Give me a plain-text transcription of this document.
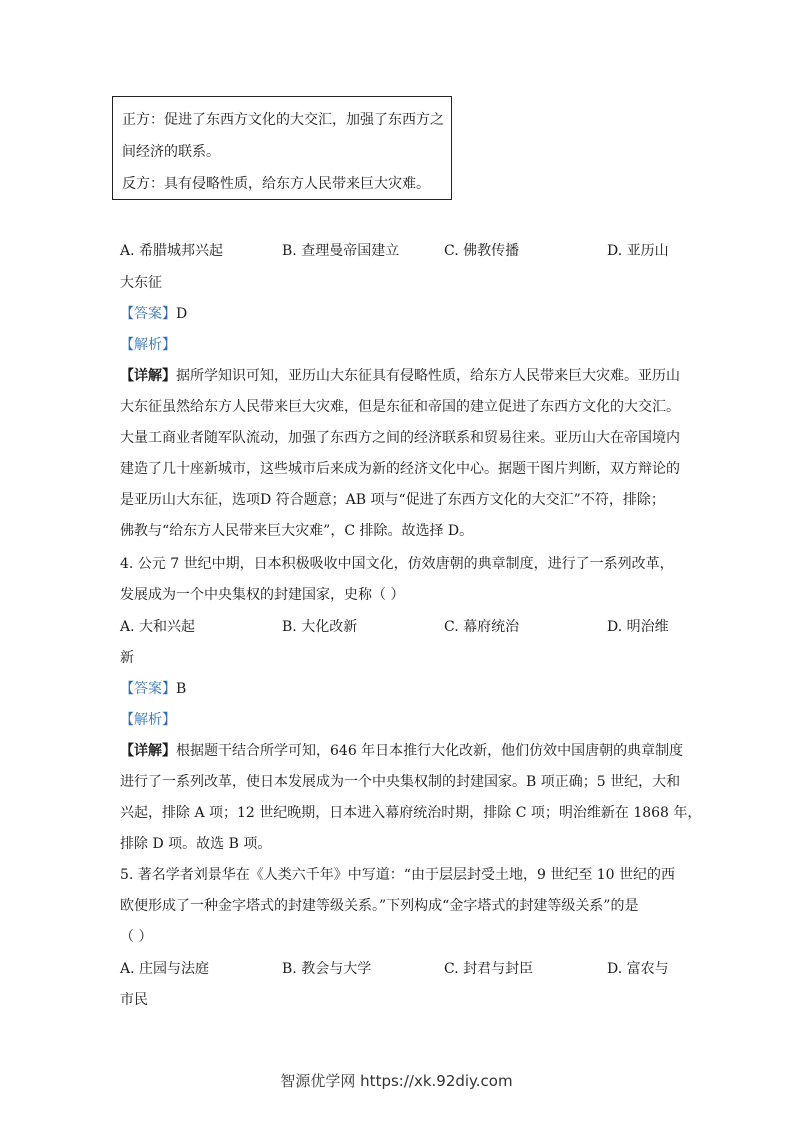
正方：促进了东西方文化的大交汇，加强了东西方之
间经济的联系。
反方：具有侵略性质，给东方人民带来巨大灾难。
A. 希腊城邦兴起	B. 查理曼帝国建立	C. 佛教传播	D. 亚历山
大东征
【答案】D
【解析】
【详解】据所学知识可知，亚历山大东征具有侵略性质，给东方人民带来巨大灾难。亚历山
大东征虽然给东方人民带来巨大灾难，但是东征和帝国的建立促进了东西方文化的大交汇。
大量工商业者随军队流动，加强了东西方之间的经济联系和贸易往来。亚历山大在帝国境内
建造了几十座新城市，这些城市后来成为新的经济文化中心。据题干图片判断，双方辩论的
是亚历山大东征，选项D 符合题意；AB 项与“促进了东西方文化的大交汇”不符，排除；
佛教与“给东方人民带来巨大灾难”，C 排除。故选择 D。
4. 公元 7 世纪中期，日本积极吸收中国文化，仿效唐朝的典章制度，进行了一系列改革，
发展成为一个中央集权的封建国家，史称（ ）
A. 大和兴起	B. 大化改新	C. 幕府统治	D. 明治维
新
【答案】B
【解析】
【详解】根据题干结合所学可知，646 年日本推行大化改新，他们仿效中国唐朝的典章制度
进行了一系列改革，使日本发展成为一个中央集权制的封建国家。B 项正确；5 世纪，大和
兴起，排除 A 项；12 世纪晚期，日本进入幕府统治时期，排除 C 项；明治维新在 1868 年，
排除 D 项。故选 B 项。
5. 著名学者刘景华在《人类六千年》中写道：“由于层层封受土地，9 世纪至 10 世纪的西
欧便形成了一种金字塔式的封建等级关系。”下列构成“金字塔式的封建等级关系”的是
（ ）
A. 庄园与法庭	B. 教会与大学	C. 封君与封臣	D. 富农与
市民
智源优学网 https://xk.92diy.com
